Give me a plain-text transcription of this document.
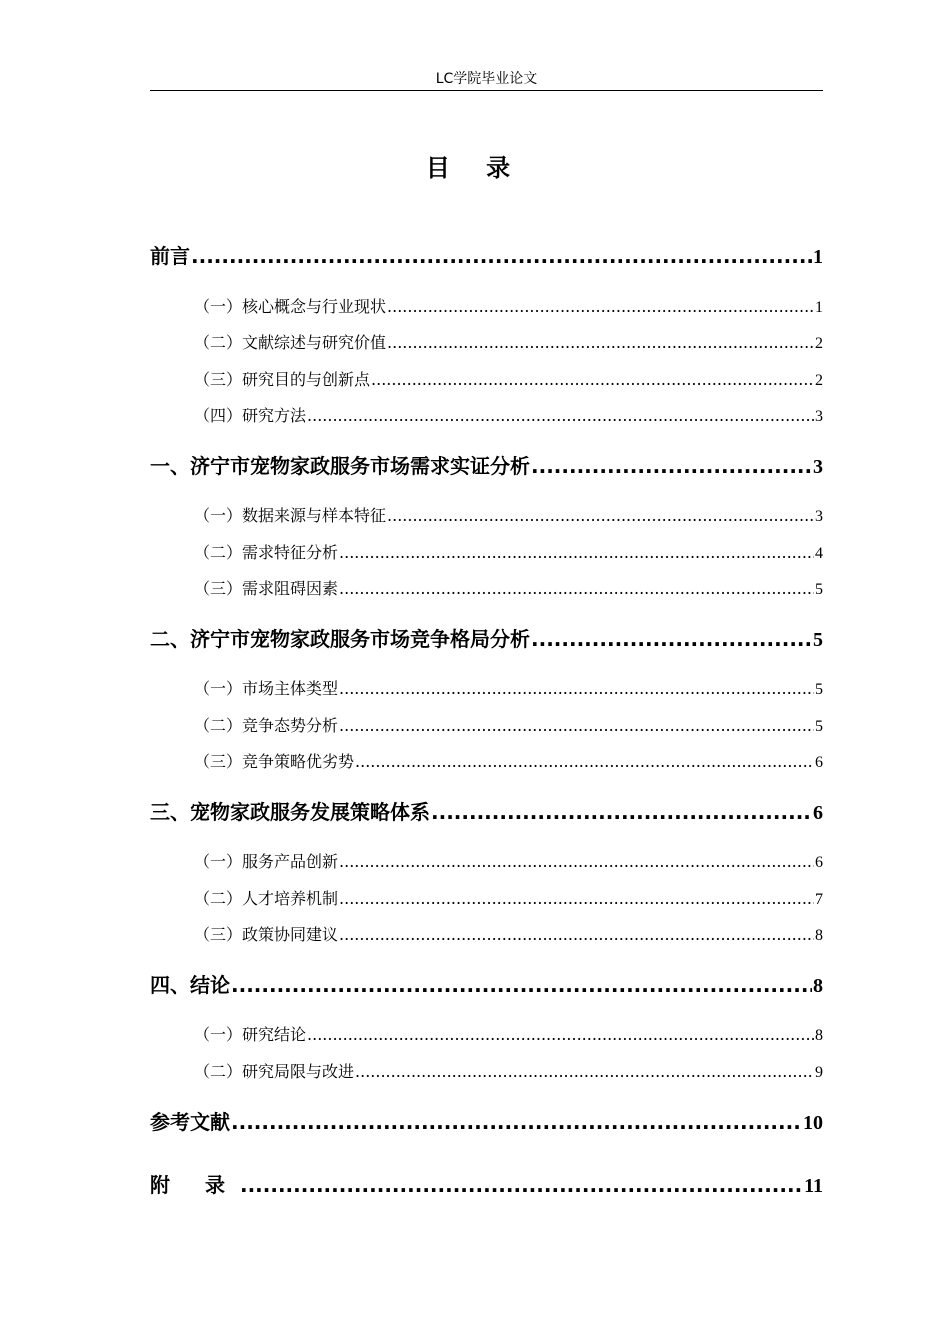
LC学院毕业论文
目 录
前言 .....	1
（一）核心概念与行业现状 .....	1
（二）文献综述与研究价值 .....	2
（三）研究目的与创新点 .....	2
（四）研究方法 .....	3
一、济宁市宠物家政服务市场需求实证分析 .....	3
（一）数据来源与样本特征 .....	3
（二）需求特征分析 .....	4
（三）需求阻碍因素 .....	5
二、济宁市宠物家政服务市场竞争格局分析 .....	5
（一）市场主体类型 .....	5
（二）竞争态势分析 .....	5
（三）竞争策略优劣势 .....	6
三、宠物家政服务发展策略体系 .....	6
（一）服务产品创新 .....	6
（二）人才培养机制 .....	7
（三）政策协同建议 .....	8
四、结论 .....	8
（一）研究结论 .....	8
（二）研究局限与改进 .....	9
参考文献 .....	10
附 录 .....	11
